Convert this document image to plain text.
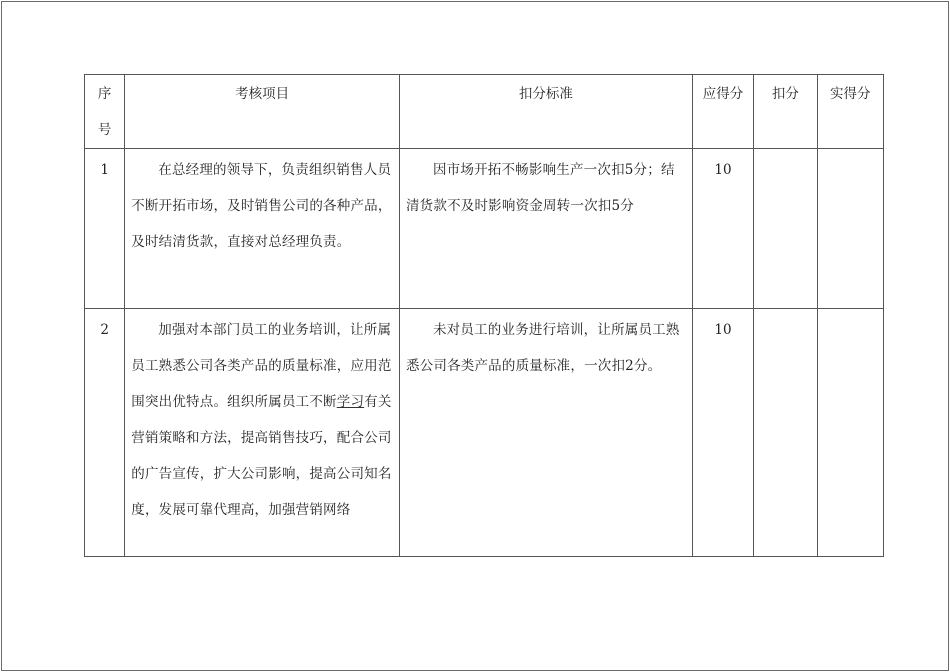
序号	考核项目	扣分标准	应得分	扣分	实得分

1	在总经理的领导下，负责组织销售人员不断开拓市场，及时销售公司的各种产品，及时结清货款，直接对总经理负责。	因市场开拓不畅影响生产一次扣5分；结清货款不及时影响资金周转一次扣5分	10		

2	加强对本部门员工的业务培训，让所属员工熟悉公司各类产品的质量标准，应用范围突出优特点。组织所属员工不断学习有关营销策略和方法，提高销售技巧，配合公司的广告宣传，扩大公司影响，提高公司知名度，发展可靠代理高，加强营销网络	未对员工的业务进行培训，让所属员工熟悉公司各类产品的质量标准，一次扣2分。	10		
